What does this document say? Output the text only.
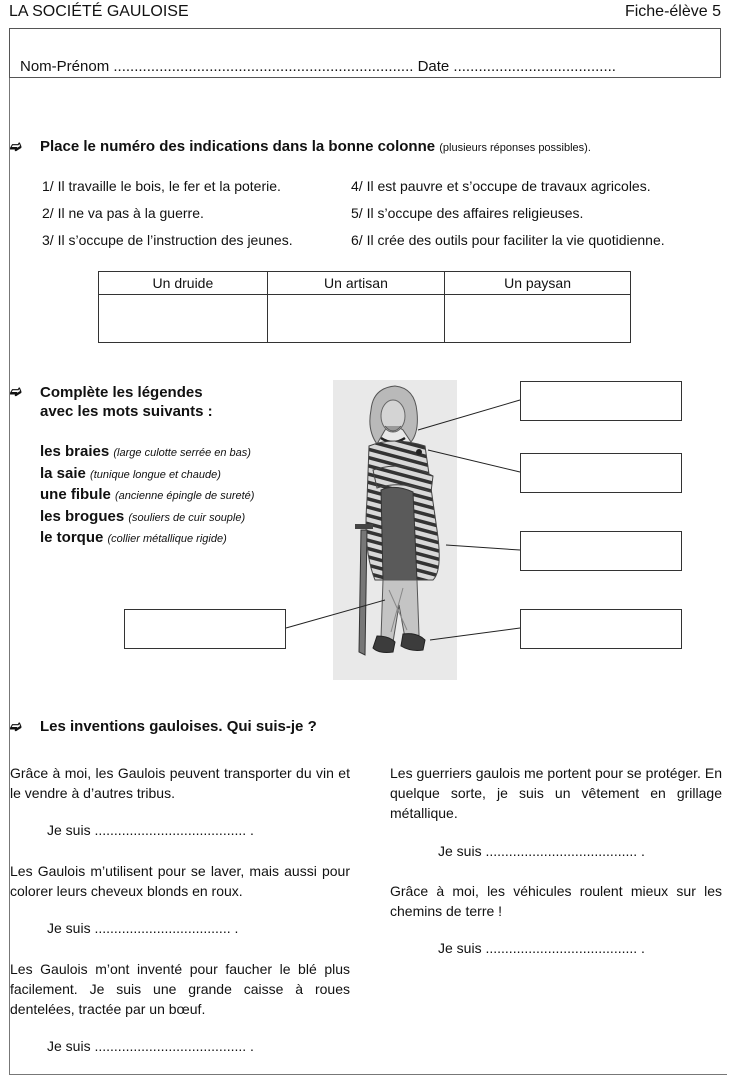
LA SOCIÉTÉ GAULOISE	Fiche-élève 5
Nom-Prénom ........................................................................ Date .......................................
➫ Place le numéro des indications dans la bonne colonne (plusieurs réponses possibles).
1/ Il travaille le bois, le fer et la poterie.
2/ Il ne va pas à la guerre.
3/ Il s’occupe de l’instruction des jeunes.
4/ Il est pauvre et s’occupe de travaux agricoles.
5/ Il s’occupe des affaires religieuses.
6/ Il crée des outils pour faciliter la vie quotidienne.
Un druide	Un artisan	Un paysan

➫ Complète les légendes
avec les mots suivants :
les braies (large culotte serrée en bas)
la saie (tunique longue et chaude)
une fibule (ancienne épingle de sureté)
les brogues (souliers de cuir souple)
le torque (collier métallique rigide)
➫ Les inventions gauloises. Qui suis-je ?
Grâce à moi, les Gaulois peuvent transporter du vin et le vendre à d’autres tribus.
Je suis ....................................... .
Les Gaulois m’utilisent pour se laver, mais aussi pour colorer leurs cheveux blonds en roux.
Je suis ................................... .
Les Gaulois m’ont inventé pour faucher le blé plus facilement. Je suis une grande caisse à roues dentelées, tractée par un bœuf.
Je suis ....................................... .
Les guerriers gaulois me portent pour se protéger. En quelque sorte, je suis un vêtement en grillage métallique.
Je suis ....................................... .
Grâce à moi, les véhicules roulent mieux sur les chemins de terre !
Je suis ....................................... .
